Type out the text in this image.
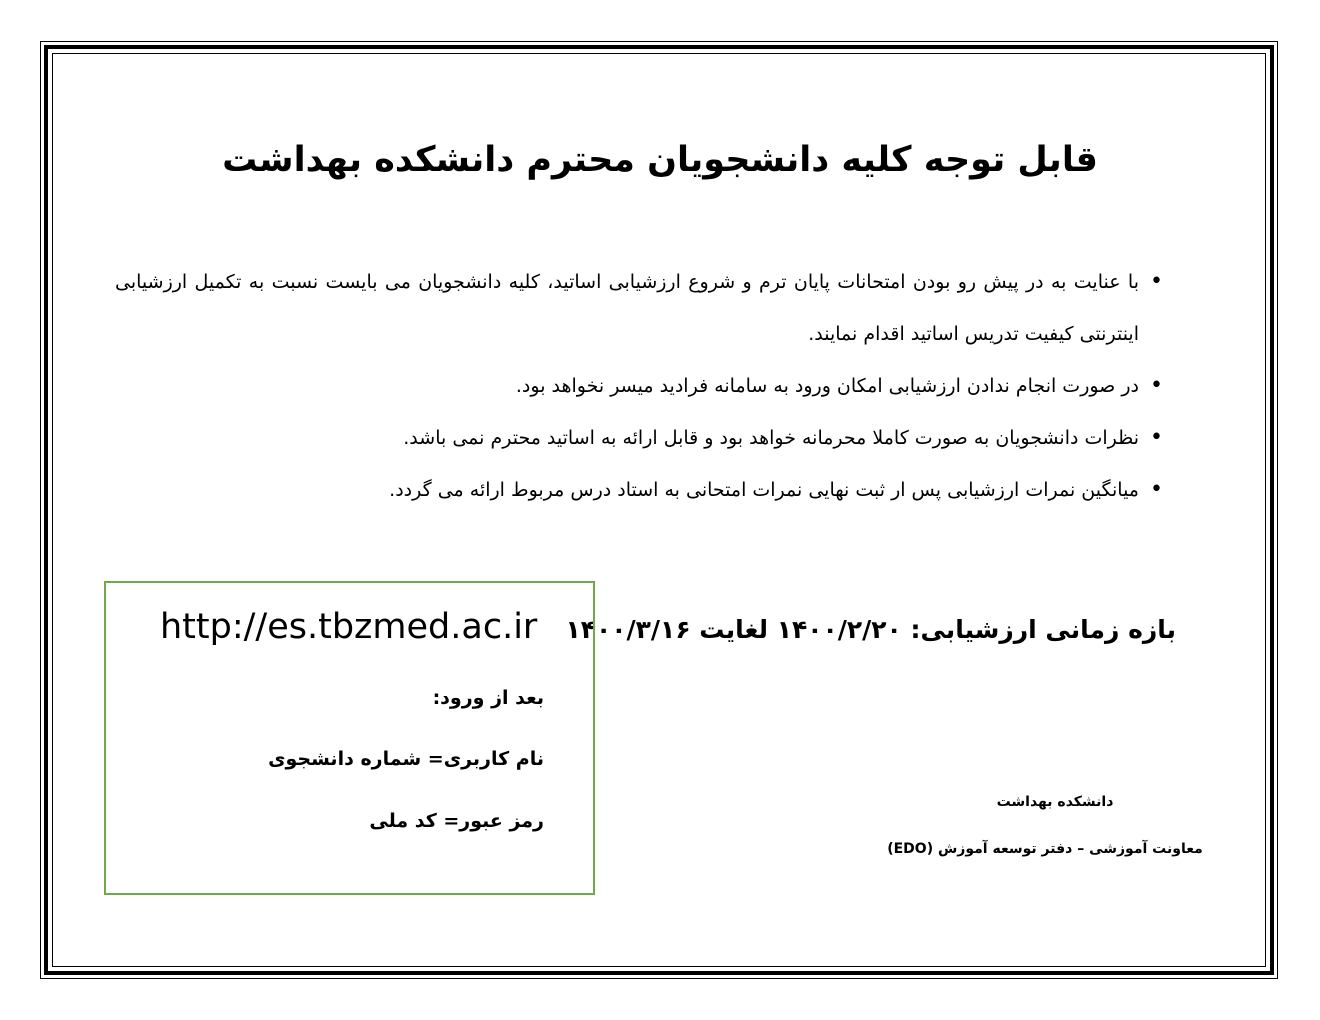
قابل توجه کلیه دانشجویان محترم دانشکده بهداشت
• با عنایت به در پیش رو بودن امتحانات پایان ترم و شروع ارزشیابی اساتید، کلیه دانشجویان می بایست نسبت به تکمیل ارزشیابی اینترنتی کیفیت تدریس اساتید اقدام نمایند.
• در صورت انجام ندادن ارزشیابی امکان ورود به سامانه فرادید میسر نخواهد بود.
• نظرات دانشجویان به صورت کاملا محرمانه خواهد بود و قابل ارائه به اساتید محترم نمی باشد.
• میانگین نمرات ارزشیابی پس ار ثبت نهایی نمرات امتحانی به استاد درس مربوط ارائه می گردد.
بازه زمانی ارزشیابی: ۱۴۰۰/۲/۲۰ لغایت ۱۴۰۰/۳/۱۶
http://es.tbzmed.ac.ir
بعد از ورود:
نام کاربری= شماره دانشجوی
رمز عبور= کد ملی
دانشکده بهداشت
معاونت آموزشی – دفتر توسعه آموزش (EDO)
